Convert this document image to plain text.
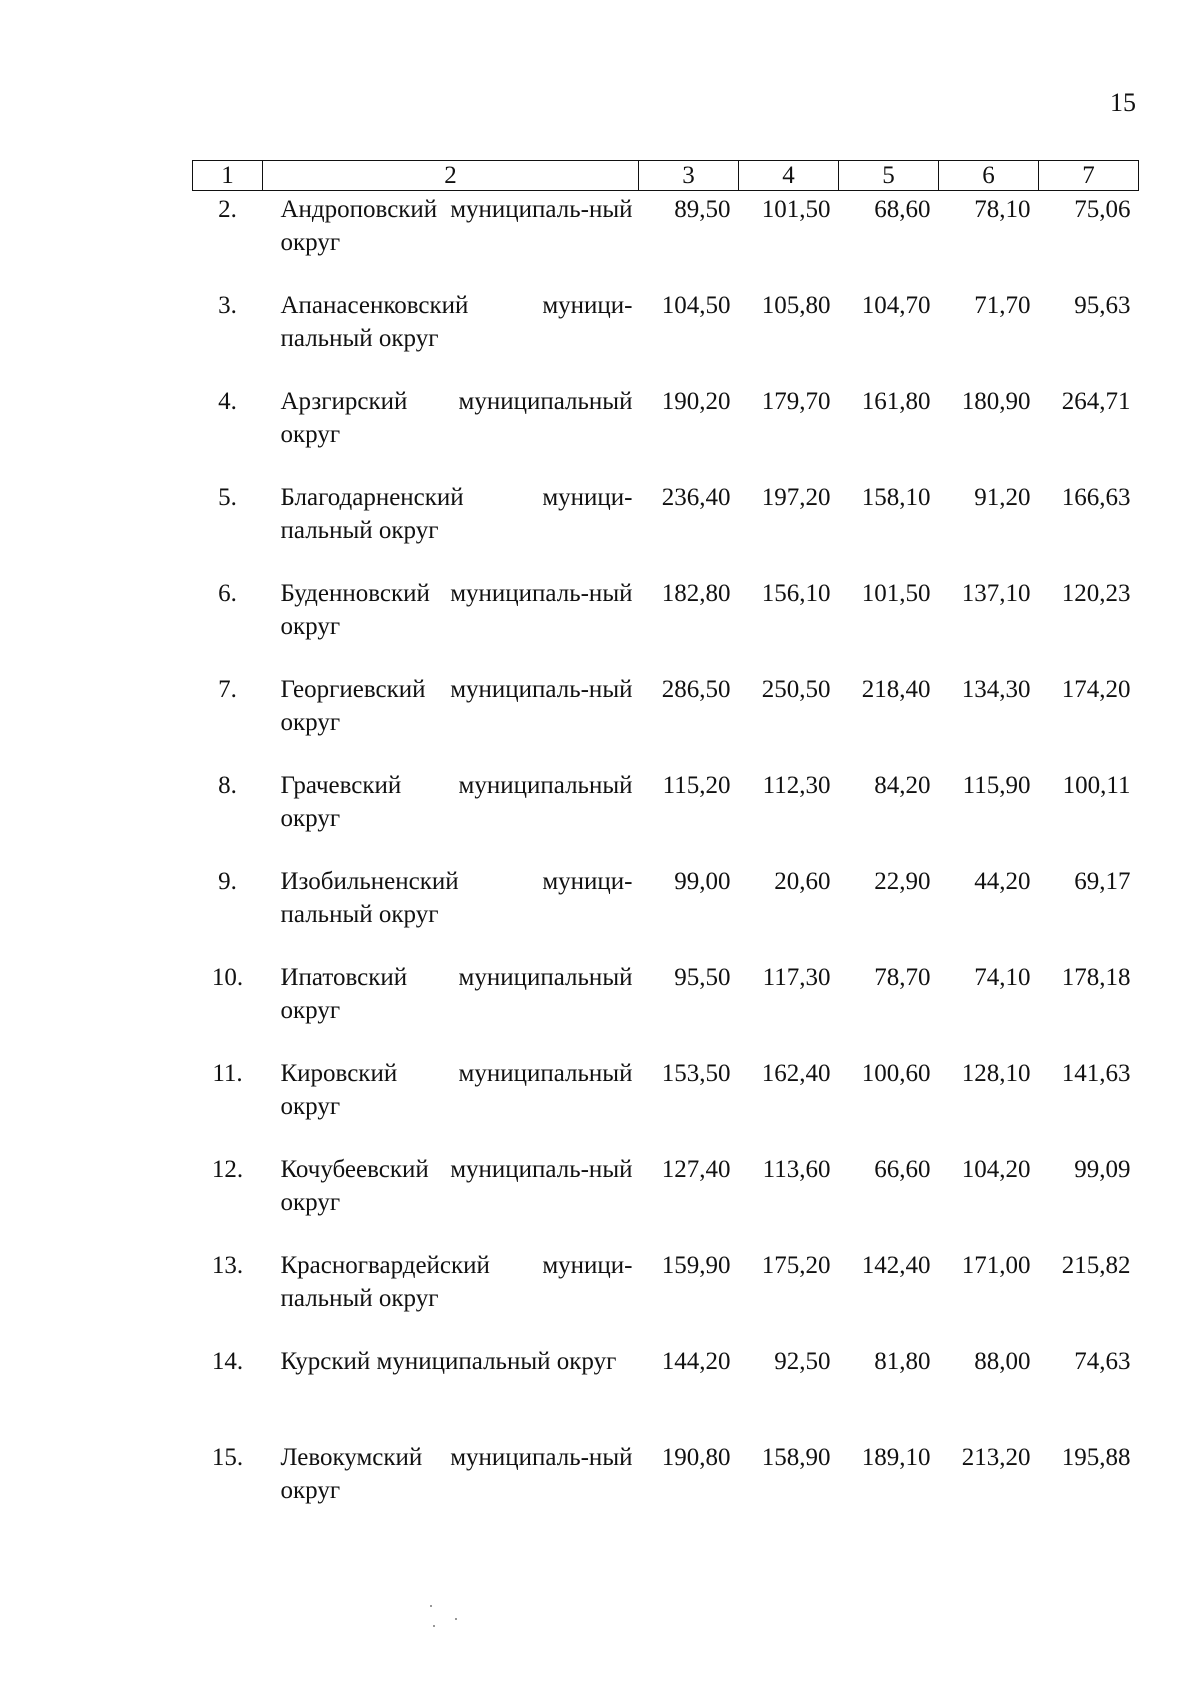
15
1	2	3	4	5	6	7
2.	Андроповский муниципаль-ный округ	89,50	101,50	68,60	78,10	75,06
3.	Апанасенковский муници-пальный округ	104,50	105,80	104,70	71,70	95,63
4.	Арзгирский муниципальный округ	190,20	179,70	161,80	180,90	264,71
5.	Благодарненский муници-пальный округ	236,40	197,20	158,10	91,20	166,63
6.	Буденновский муниципаль-ный округ	182,80	156,10	101,50	137,10	120,23
7.	Георгиевский муниципаль-ный округ	286,50	250,50	218,40	134,30	174,20
8.	Грачевский муниципальный округ	115,20	112,30	84,20	115,90	100,11
9.	Изобильненский муници-пальный округ	99,00	20,60	22,90	44,20	69,17
10.	Ипатовский муниципальный округ	95,50	117,30	78,70	74,10	178,18
11.	Кировский муниципальный округ	153,50	162,40	100,60	128,10	141,63
12.	Кочубеевский муниципаль-ный округ	127,40	113,60	66,60	104,20	99,09
13.	Красногвардейский муници-пальный округ	159,90	175,20	142,40	171,00	215,82
14.	Курский муниципальный округ	144,20	92,50	81,80	88,00	74,63
15.	Левокумский муниципаль-ный округ	190,80	158,90	189,10	213,20	195,88
